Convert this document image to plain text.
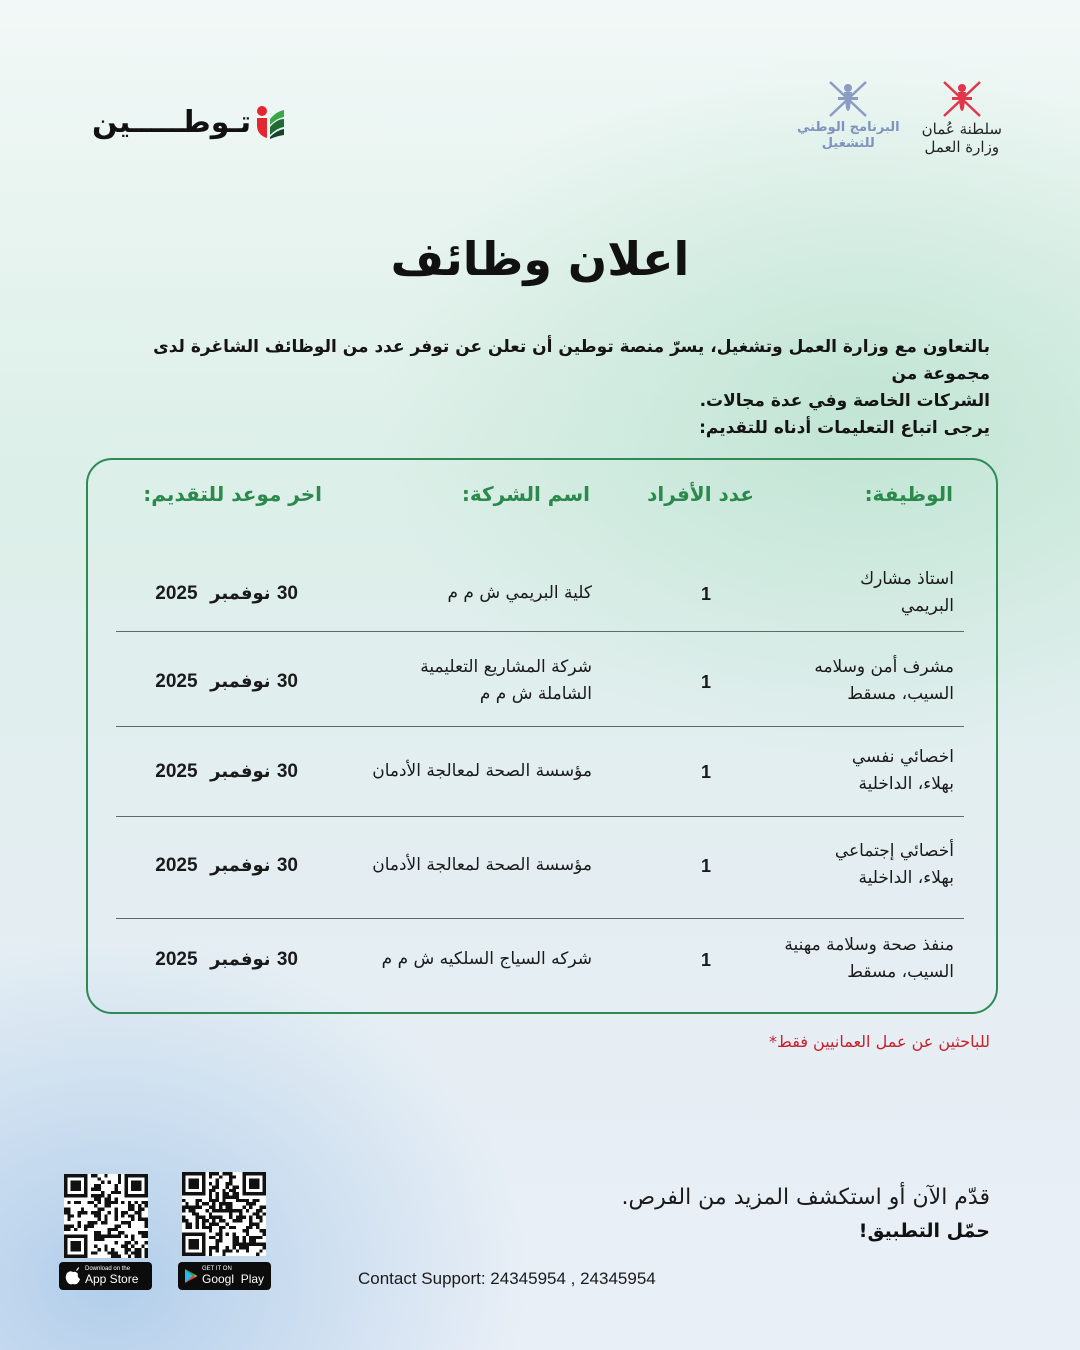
تـوطـــــين	البرنامج الوطني
للتشغيل
سلطنة عُمان
وزارة العمل
اعلان وظائف

بالتعاون مع وزارة العمل وتشغيل، يسرّ منصة توطين أن تعلن عن توفر عدد من الوظائف الشاغرة لدى مجموعة من

الشركات الخاصة وفي عدة مجالات.

يرجى اتباع التعليمات أدناه للتقديم:

الوظيفة:
عدد الأفراد
اسم الشركة:
اخر موعد للتقديم:
استاذ مشارك
البريمي
1
كلية البريمي ش م م
30 نوفمبر  2025
مشرف أمن وسلامه
السيب، مسقط
1
شركة المشاريع التعليمية
الشاملة ش م م
30 نوفمبر  2025
اخصائي نفسي
بهلاء، الداخلية
1
مؤسسة الصحة لمعالجة الأدمان
30 نوفمبر  2025
أخصائي إجتماعي
بهلاء، الداخلية
1
مؤسسة الصحة لمعالجة الأدمان
30 نوفمبر  2025
منفذ صحة وسلامة مهنية
السيب، مسقط
1
شركه السياج السلكيه ش م م
30 نوفمبر  2025
للباحثين عن عمل العمانيين فقط*
Download on the
App Store
GET IT ON
Googl  Play
قدّم الآن أو استكشف المزيد من الفرص.
حمّل التطبيق!
Contact Support: 24345954 , 24345954
